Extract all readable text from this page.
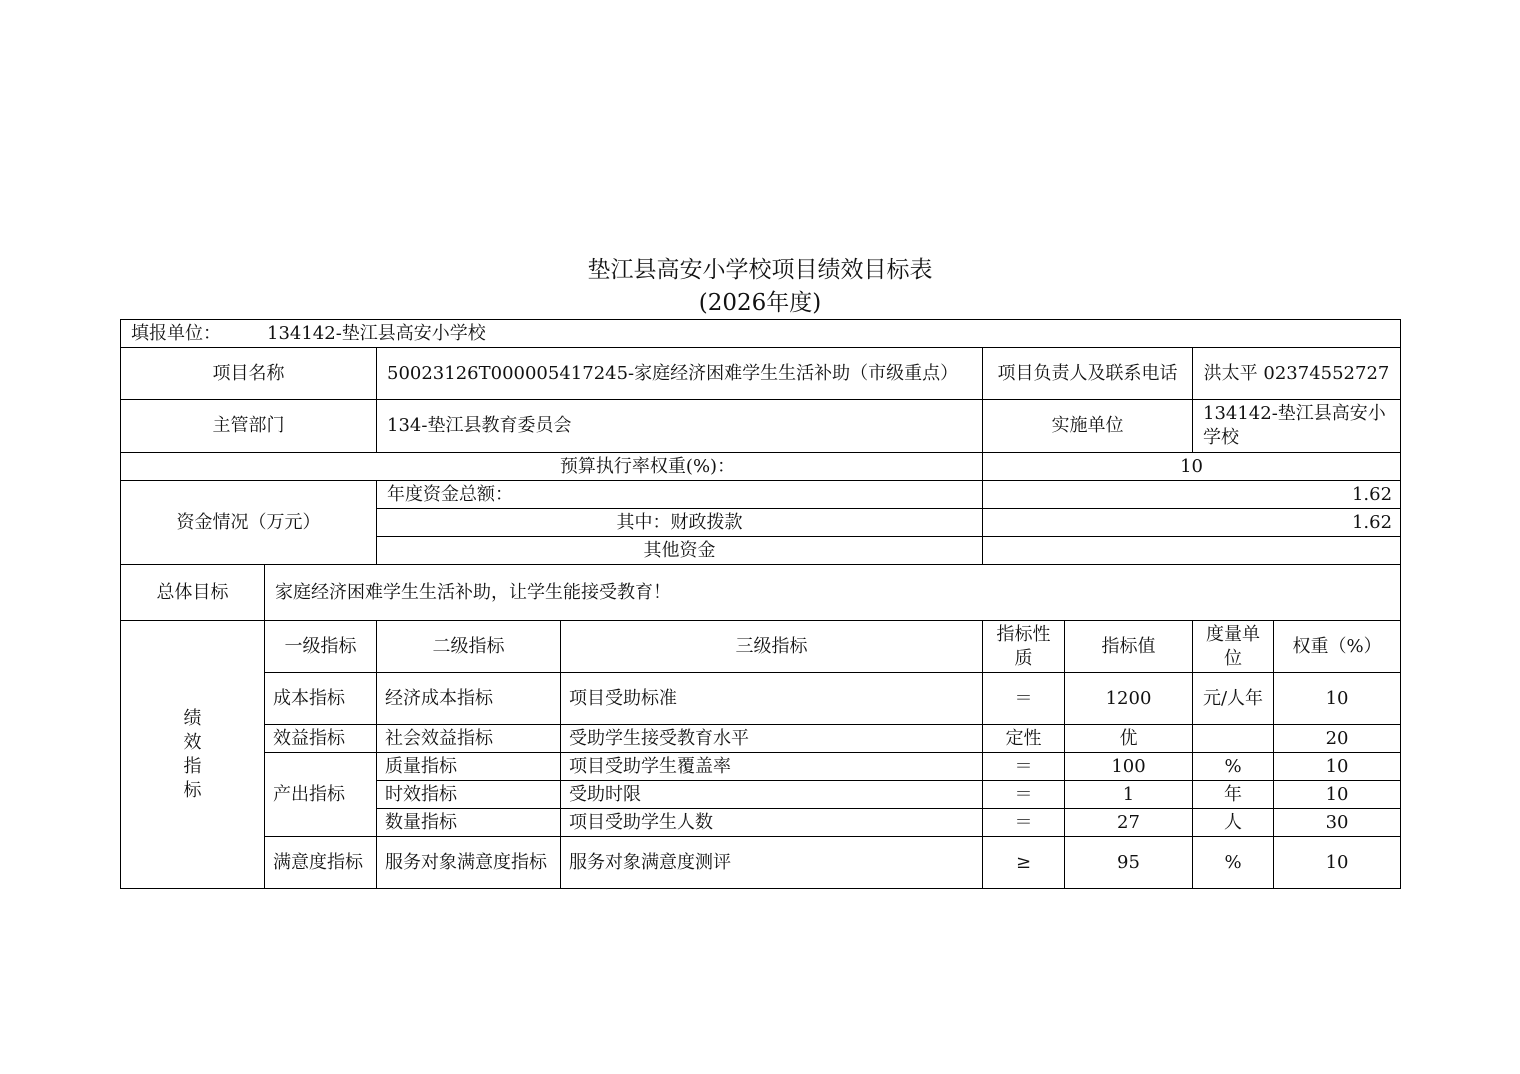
垫江县高安小学校项目绩效目标表
(2026年度)
填报单位： 134142-垫江县高安小学校							
项目名称		50023126T000005417245-家庭经济困难学生生活补助（市级重点）		项目负责人及联系电话		洪太平 02374552727	
主管部门		134-垫江县教育委员会		实施单位		134142-垫江县高安小学校	
预算执行率权重(%)：				10			
资金情况（万元）		年度资金总额：		1.62			
		其中：财政拨款		1.62			
		其他资金					
总体目标	家庭经济困难学生生活补助，让学生能接受教育！						
绩效指标	一级指标	二级指标	三级指标	指标性质	指标值	度量单位	权重（%）
	成本指标	经济成本指标	项目受助标准	＝	1200	元/人年	10
	效益指标	社会效益指标	受助学生接受教育水平	定性	优		20
	产出指标	质量指标	项目受助学生覆盖率	＝	100	%	10
		时效指标	受助时限	＝	1	年	10
		数量指标	项目受助学生人数	＝	27	人	30
	满意度指标	服务对象满意度指标	服务对象满意度测评	≥	95	%	10
